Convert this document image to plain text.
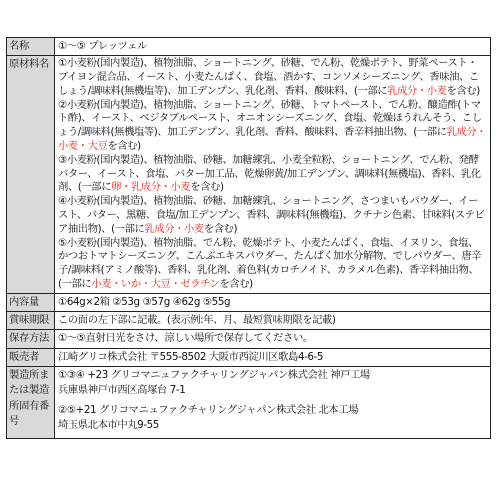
名称	①～⑤ プレッツェル
原材料名	①小麦粉(国内製造)、植物油脂、ショートニング、砂糖、でん粉、乾燥ポテト、野菜ペースト・ブイヨン混合品、イースト、小麦たんぱく、食塩、酒かす、コンソメシーズニング、香味油、こしょう/調味料(無機塩等)、加工デンプン、乳化剤、香料、酸味料、(一部に乳成分・小麦を含む)
②小麦粉(国内製造)、植物油脂、ショートニング、砂糖、トマトペースト、でん粉、醸造酢(トマト酢)、イースト、ベジタブルペースト、オニオンシーズニング、食塩、乾燥ほうれんそう、こしょう/調味料(無機塩等)、加工デンプン、乳化剤、香料、酸味料、香辛料抽出物、(一部に乳成分・小麦・大豆を含む)
③小麦粉(国内製造)、植物油脂、砂糖、加糖練乳、小麦全粒粉、ショートニング、でん粉、発酵バター、イースト、食塩、バター加工品、乾燥卵黄/加工デンプン、調味料(無機塩)、香料、乳化剤、(一部に卵・乳成分・小麦を含む)
④小麦粉(国内製造)、植物油脂、砂糖、加糖練乳、ショートニング、さつまいもパウダー、イースト、バター、黒糖、食塩/加工デンプン、香料、調味料(無機塩)、クチナシ色素、甘味料(ステビア抽出物)、(一部に乳成分・小麦を含む)
⑤小麦粉(国内製造)、植物油脂、でん粉、乾燥ポテト、小麦たんぱく、食塩、イヌリン、食塩、かつおトマトシーズニング、こんぶエキスパウダー、たんぱく加水分解物、でしパウダー、唐辛子/調味料(アミノ酸等)、香料、乳化剤、着色料(カロチノイド、カラメル色素)、香辛料抽出物、(一部に小麦・いか・大豆・ゼラチンを含む)

内容量	①64g×2箱 ②53g ③57g ④62g ⑤55g
賞味期限	この面の左下部に記載。(表示例:年、月、最短賞味期限を記載)
保存方法	①～⑤直射日光をさけ、涼しい場所で保存してください。
販売者	江崎グリコ株式会社 〒555-8502 大阪市西淀川区歌島4-6-5
製造所または製造所固有番号	①③④ +23 グリコマニュファクチャリングジャパン株式会社 神戸工場
兵庫県神戸市西区高塚台 7-1
②⑤+21 グリコマニュファクチャリングジャパン株式会社 北本工場
埼玉県北本市中丸9-55
